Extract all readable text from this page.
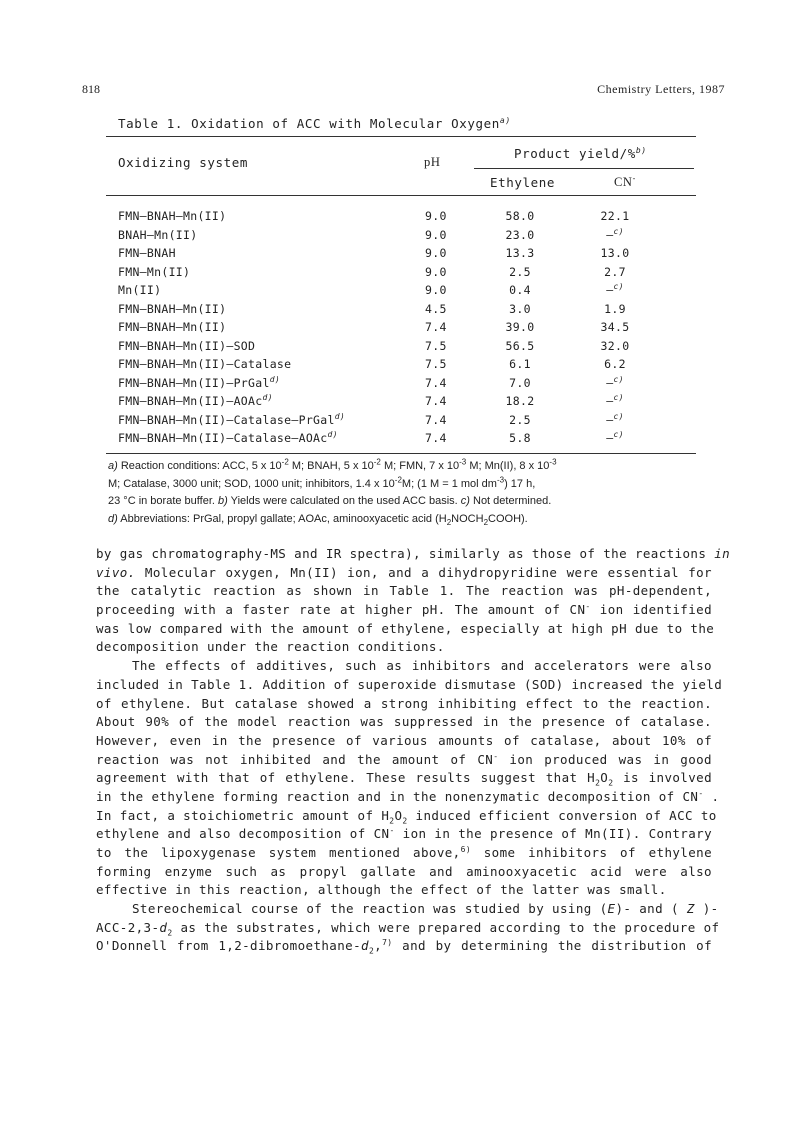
818	Chemistry Letters, 1987
Table 1. Oxidation of ACC with Molecular Oxygen$^{a)}$
Oxidizing system	pH
Product yield/%$^{b)}$
Ethylene	CN-
FMN—BNAH—Mn(II)	9.0	58.0	22.1
BNAH—Mn(II)	9.0	23.0	—$^{c)}$
FMN—BNAH	9.0	13.3	13.0
FMN—Mn(II)	9.0	2.5	2.7
Mn(II)	9.0	0.4	—$^{c)}$
FMN—BNAH—Mn(II)	4.5	3.0	1.9
FMN—BNAH—Mn(II)	7.4	39.0	34.5
FMN—BNAH—Mn(II)—SOD	7.5	56.5	32.0
FMN—BNAH—Mn(II)—Catalase	7.5	6.1	6.2
FMN—BNAH—Mn(II)—PrGal$^{d)}$	7.4	7.0	—$^{c)}$
FMN—BNAH—Mn(II)—AOAc$^{d)}$	7.4	18.2	—$^{c)}$
FMN—BNAH—Mn(II)—Catalase—PrGal$^{d)}$	7.4	2.5	—$^{c)}$
FMN—BNAH—Mn(II)—Catalase—AOAc$^{d)}$	7.4	5.8	—$^{c)}$
a) Reaction conditions: ACC, 5 x $10^{-2}$ M; BNAH, 5 x $10^{-2}$ M; FMN, 7 x $10^{-3}$ M; Mn(II), 8 x $10^{-3}$
M; Catalase, 3000 unit; SOD, 1000 unit; inhibitors, 1.4 x $10^{-2}M$; (1 M = 1 mol $dm^{-3}$) 17 h,
23 °C in borate buffer. b) Yields were calculated on the used ACC basis. c) Not determined.
d) Abbreviations: PrGal, propyl gallate; AOAc, aminooxyacetic acid $(H_2NOCH_2COOH)$.
by gas chromatography-MS and IR spectra), similarly as those of the reactions in
vivo. Molecular oxygen, Mn(II) ion, and a dihydropyridine were essential for
the catalytic reaction as shown in Table 1. The reaction was pH-dependent,
proceeding with a faster rate at higher pH. The amount of CN- ion identified
was low compared with the amount of ethylene, especially at high pH due to the
decomposition under the reaction conditions.
The effects of additives, such as inhibitors and accelerators were also
included in Table 1. Addition of superoxide dismutase (SOD) increased the yield
of ethylene. But catalase showed a strong inhibiting effect to the reaction.
About 90% of the model reaction was suppressed in the presence of catalase.
However, even in the presence of various amounts of catalase, about 10% of
reaction was not inhibited and the amount of CN- ion produced was in good
agreement with that of ethylene. These results suggest that $H_2O_2$ is involved
in the ethylene forming reaction and in the nonenzymatic decomposition of CN- .
In fact, a stoichiometric amount of $H_2O_2$ induced efficient conversion of ACC to
ethylene and also decomposition of CN- ion in the presence of Mn(II). Contrary
to the lipoxygenase system mentioned above,$^{6)}$ some inhibitors of ethylene
forming enzyme such as propyl gallate and aminooxyacetic acid were also
effective in this reaction, although the effect of the latter was small.
Stereochemical course of the reaction was studied by using (E)- and ( Z )-
ACC-$2,3-d_2$ as the substrates, which were prepared according to the procedure of
O'Donnell from $1,2-dibromoethane-d_2,^{7)}$ and by determining the distribution of
